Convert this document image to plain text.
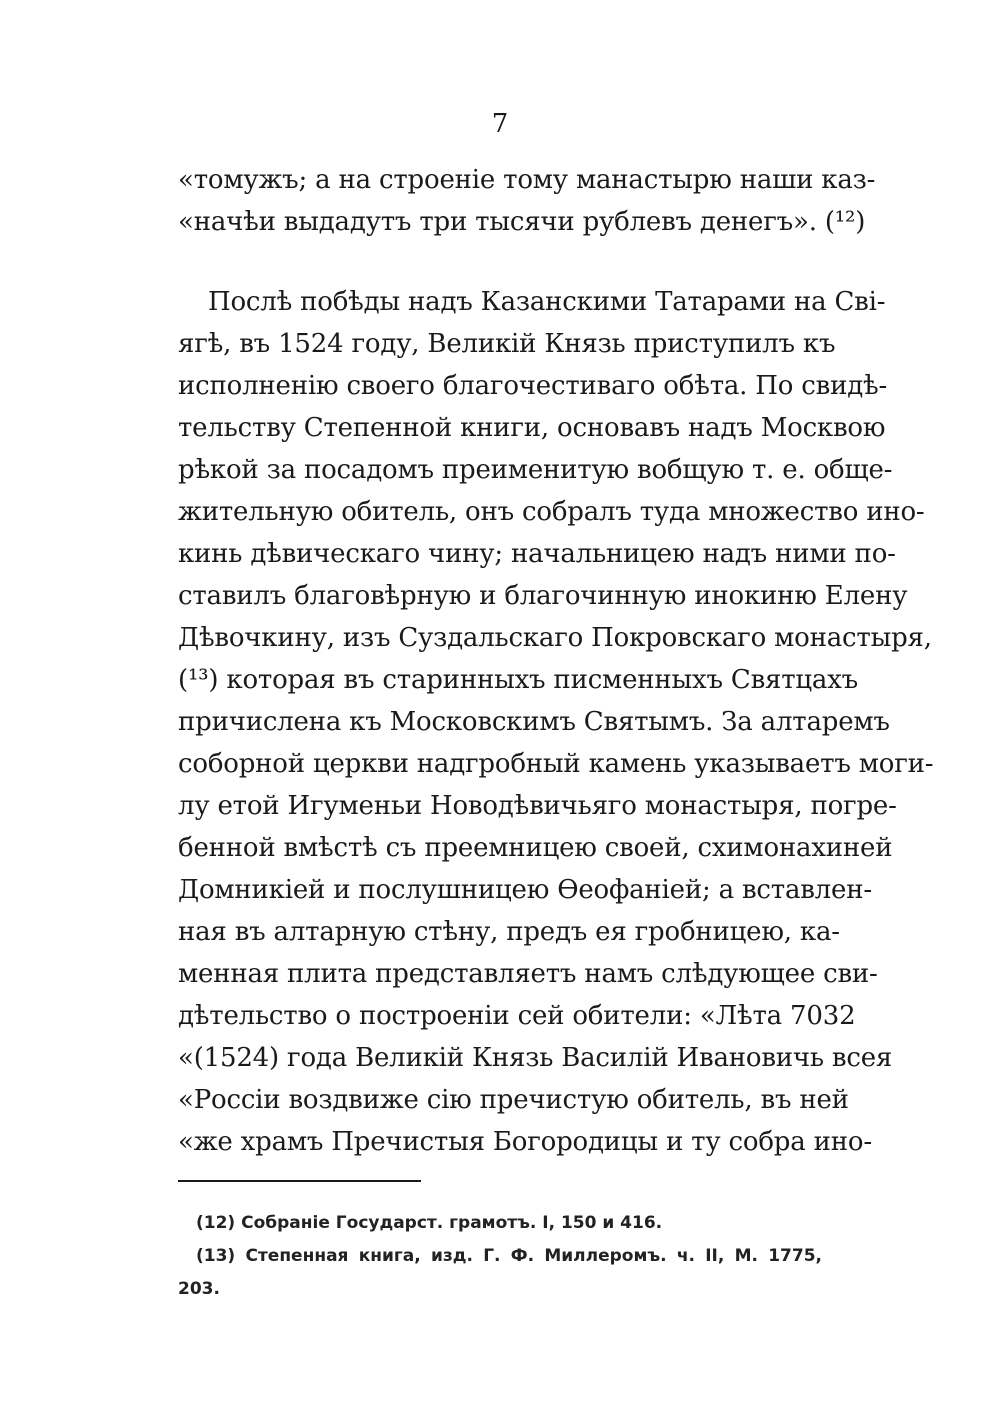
7
«томужъ; а на строеніе тому манастырю наши каз-
«начѣи выдадутъ три тысячи рублевъ денегъ». (¹²)
Послѣ побѣды надъ Казанскими Татарами на Сві-
ягѣ, въ 1524 году, Великій Князь приступилъ къ
исполненію своего благочестиваго обѣта. По свидѣ-
тельству Степенной книги, основавъ надъ Москвою
рѣкой за посадомъ преименитую вобщую т. е. обще-
жительную обитель, онъ собралъ туда множество ино-
кинь дѣвическаго чину; начальницею надъ ними по-
ставилъ благовѣрную и благочинную инокиню Елену
Дѣвочкину, изъ Суздальскаго Покровскаго монастыря,
(¹³) которая въ старинныхъ писменныхъ Святцахъ
причислена къ Московскимъ Святымъ. За алтаремъ
соборной церкви надгробный камень указываетъ моги-
лу етой Игуменьи Новодѣвичьяго монастыря, погре-
бенной вмѣстѣ съ преемницею своей, схимонахиней
Домникіей и послушницею Ѳеофаніей; а вставлен-
ная въ алтарную стѣну, предъ ея гробницею, ка-
менная плита представляетъ намъ слѣдующее сви-
дѣтельство о построеніи сей обители: «Лѣта 7032
«(1524) года Великій Князь Василій Ивановичь всея
«Россіи воздвиже сію пречистую обитель, въ ней
«же храмъ Пречистыя Богородицы и ту собра ино-
(12) Собраніе Государст. грамотъ. I, 150 и 416.
(13) Степенная книга, изд. Г. Ф. Миллеромъ. ч. II, М. 1775,
203.
